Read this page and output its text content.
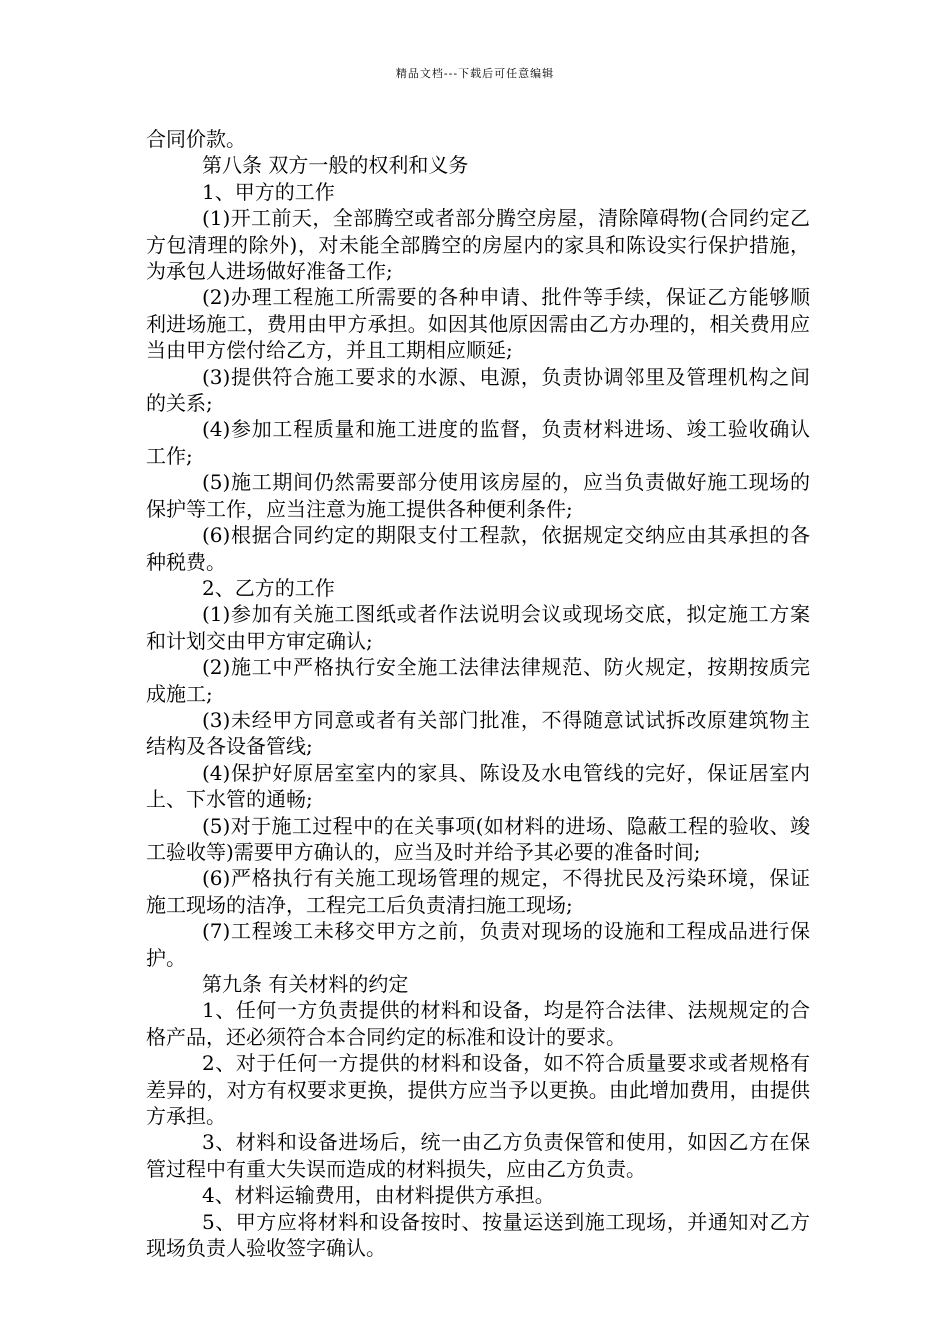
精品文档---下载后可任意编辑

合同价款。

第八条 双方一般的权利和义务

1、甲方的工作

(1)开工前天，全部腾空或者部分腾空房屋，清除障碍物(合同约定乙方包清理的除外)，对未能全部腾空的房屋内的家具和陈设实行保护措施，为承包人进场做好准备工作;

(2)办理工程施工所需要的各种申请、批件等手续，保证乙方能够顺利进场施工，费用由甲方承担。如因其他原因需由乙方办理的，相关费用应当由甲方偿付给乙方，并且工期相应顺延;

(3)提供符合施工要求的水源、电源，负责协调邻里及管理机构之间的关系;

(4)参加工程质量和施工进度的监督，负责材料进场、竣工验收确认工作;

(5)施工期间仍然需要部分使用该房屋的，应当负责做好施工现场的保护等工作，应当注意为施工提供各种便利条件;

(6)根据合同约定的期限支付工程款，依据规定交纳应由其承担的各种税费。

2、乙方的工作

(1)参加有关施工图纸或者作法说明会议或现场交底，拟定施工方案和计划交由甲方审定确认;

(2)施工中严格执行安全施工法律法律规范、防火规定，按期按质完成施工;

(3)未经甲方同意或者有关部门批准，不得随意试试拆改原建筑物主结构及各设备管线;

(4)保护好原居室室内的家具、陈设及水电管线的完好，保证居室内上、下水管的通畅;

(5)对于施工过程中的在关事项(如材料的进场、隐蔽工程的验收、竣工验收等)需要甲方确认的，应当及时并给予其必要的准备时间;

(6)严格执行有关施工现场管理的规定，不得扰民及污染环境，保证施工现场的洁净，工程完工后负责清扫施工现场;

(7)工程竣工未移交甲方之前，负责对现场的设施和工程成品进行保护。

第九条 有关材料的约定

1、任何一方负责提供的材料和设备，均是符合法律、法规规定的合格产品，还必须符合本合同约定的标准和设计的要求。

2、对于任何一方提供的材料和设备，如不符合质量要求或者规格有差异的，对方有权要求更换，提供方应当予以更换。由此增加费用，由提供方承担。

3、材料和设备进场后，统一由乙方负责保管和使用，如因乙方在保管过程中有重大失误而造成的材料损失，应由乙方负责。

4、材料运输费用，由材料提供方承担。

5、甲方应将材料和设备按时、按量运送到施工现场，并通知对乙方现场负责人验收签字确认。
